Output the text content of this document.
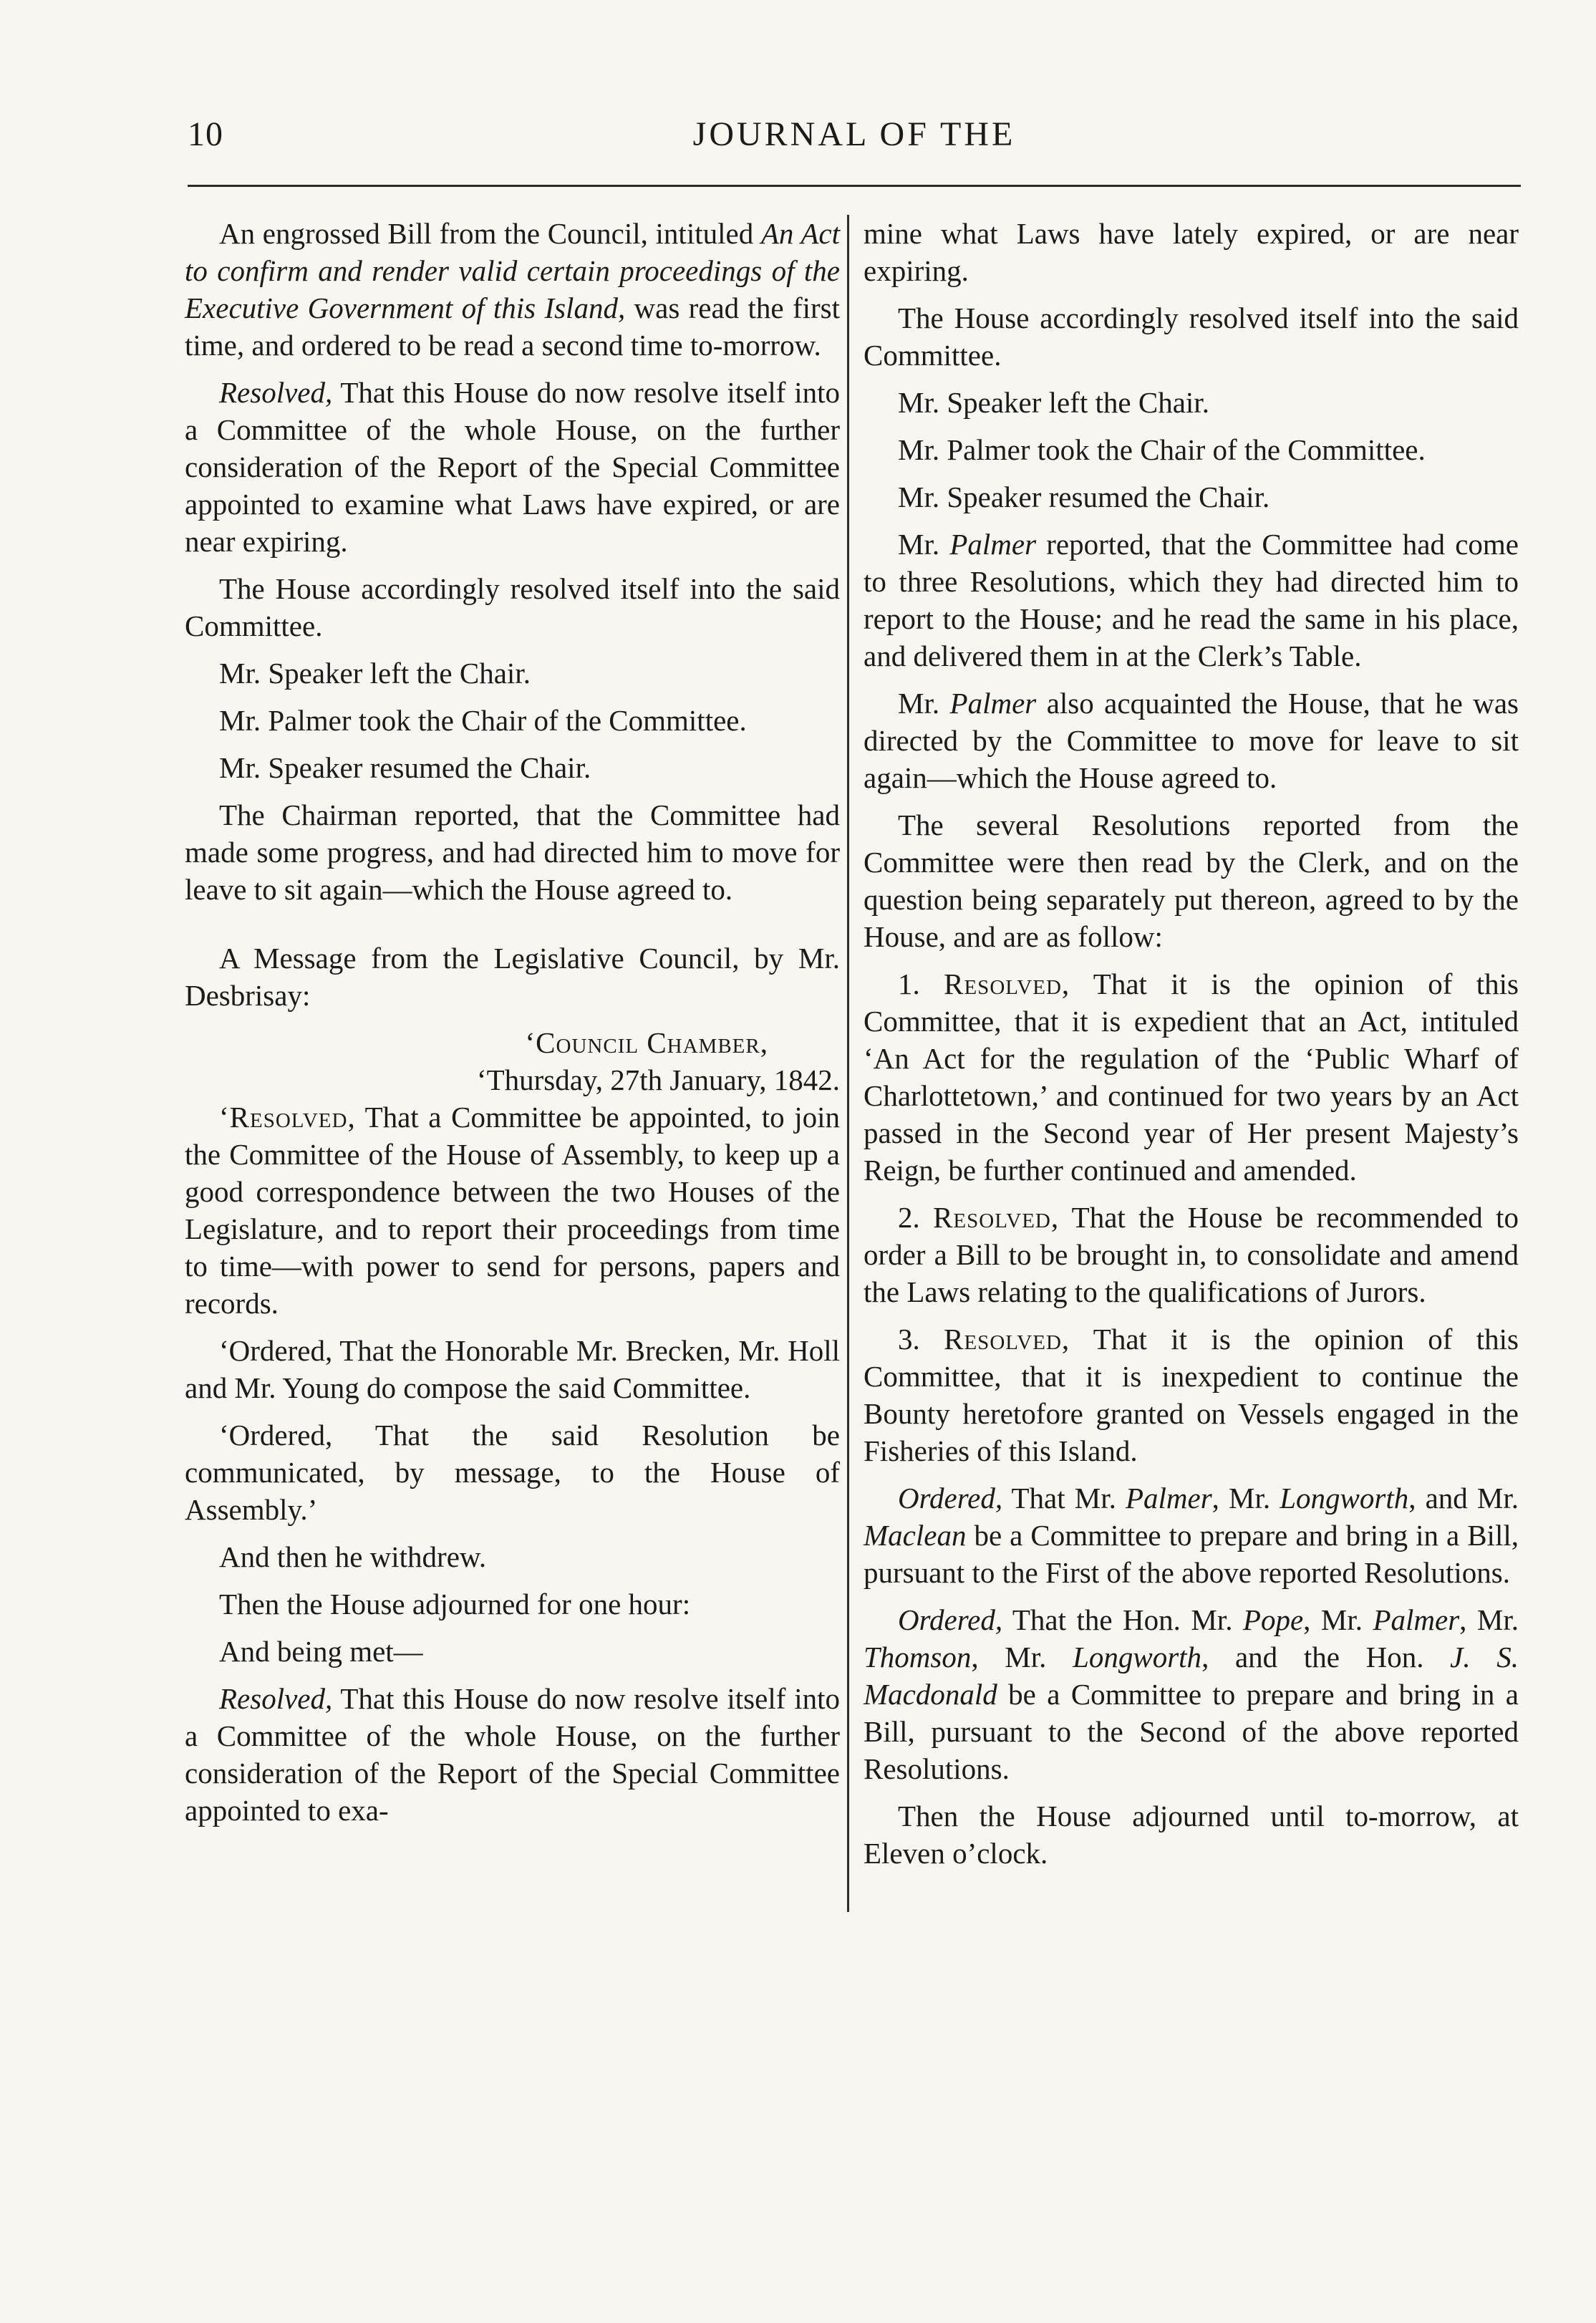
10	JOURNAL OF THE

An engrossed Bill from the Council, intituled An Act to confirm and render valid certain proceedings of the Executive Government of this Island, was read the first time, and ordered to be read a second time to-morrow.

Resolved, That this House do now resolve itself into a Committee of the whole House, on the further consideration of the Report of the Special Committee appointed to examine what Laws have expired, or are near expiring.

The House accordingly resolved itself into the said Committee.

Mr. Speaker left the Chair.

Mr. Palmer took the Chair of the Committee.

Mr. Speaker resumed the Chair.

The Chairman reported, that the Committee had made some progress, and had directed him to move for leave to sit again—which the House agreed to.

A Message from the Legislative Council, by Mr. Desbrisay:

‘Council Chamber,

‘Thursday, 27th January, 1842.

‘Resolved, That a Committee be appointed, to join the Committee of the House of Assembly, to keep up a good correspondence between the two Houses of the Legislature, and to report their proceedings from time to time—with power to send for persons, papers and records.

‘Ordered, That the Honorable Mr. Brecken, Mr. Holl and Mr. Young do compose the said Committee.

‘Ordered, That the said Resolution be communicated, by message, to the House of Assembly.’

And then he withdrew.

Then the House adjourned for one hour:

And being met—

Resolved, That this House do now resolve itself into a Committee of the whole House, on the further consideration of the Report of the Special Committee appointed to exa-

mine what Laws have lately expired, or are near expiring.

The House accordingly resolved itself into the said Committee.

Mr. Speaker left the Chair.

Mr. Palmer took the Chair of the Committee.

Mr. Speaker resumed the Chair.

Mr. Palmer reported, that the Committee had come to three Resolutions, which they had directed him to report to the House; and he read the same in his place, and delivered them in at the Clerk’s Table.

Mr. Palmer also acquainted the House, that he was directed by the Committee to move for leave to sit again—which the House agreed to.

The several Resolutions reported from the Committee were then read by the Clerk, and on the question being separately put thereon, agreed to by the House, and are as follow:

1. Resolved, That it is the opinion of this Committee, that it is expedient that an Act, intituled ‘An Act for the regulation of the ‘Public Wharf of Charlottetown,’ and continued for two years by an Act passed in the Second year of Her present Majesty’s Reign, be further continued and amended.

2. Resolved, That the House be recommended to order a Bill to be brought in, to consolidate and amend the Laws relating to the qualifications of Jurors.

3. Resolved, That it is the opinion of this Committee, that it is inexpedient to continue the Bounty heretofore granted on Vessels engaged in the Fisheries of this Island.

Ordered, That Mr. Palmer, Mr. Longworth, and Mr. Maclean be a Committee to prepare and bring in a Bill, pursuant to the First of the above reported Resolutions.

Ordered, That the Hon. Mr. Pope, Mr. Palmer, Mr. Thomson, Mr. Longworth, and the Hon. J. S. Macdonald be a Committee to prepare and bring in a Bill, pursuant to the Second of the above reported Resolutions.

Then the House adjourned until to-morrow, at Eleven o’clock.
